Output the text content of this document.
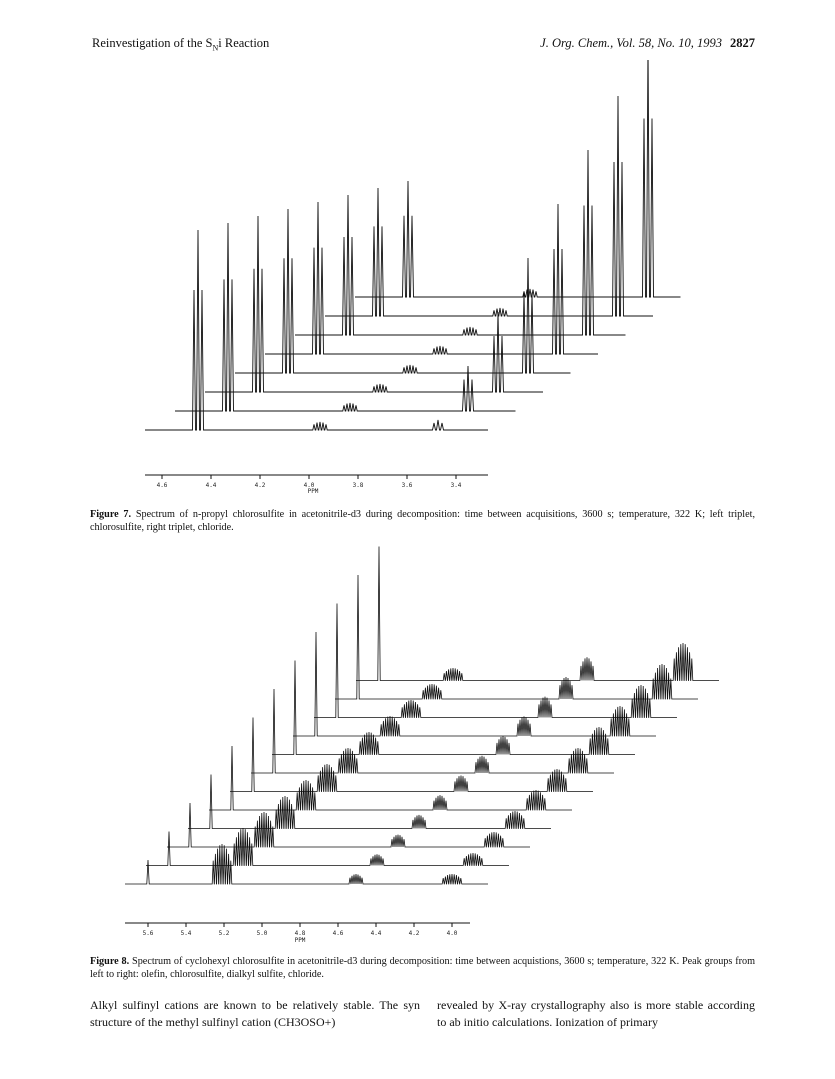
Reinvestigation of the $S_Ni$ Reaction	J. Org. Chem., Vol. 58, No. 10, 1993 2827
4.6	4.4	4.2	4.0	3.8	3.6	3.4
PPM
Figure 7. Spectrum of n-propyl chlorosulfite in acetonitrile-d3 during decomposition: time between acquisitions, 3600 s; temperature, 322 K; left triplet, chlorosulfite, right triplet, chloride.
5.6	5.4	5.2	5.0	4.8	4.6	4.4	4.2	4.0
PPM
Figure 8. Spectrum of cyclohexyl chlorosulfite in acetonitrile-d3 during decomposition: time between acquistions, 3600 s; temperature, 322 K. Peak groups from left to right: olefin, chlorosulfite, dialkyl sulfite, chloride.
Alkyl sulfinyl cations are known to be relatively stable. The syn structure of the methyl sulfinyl cation (CH3OSO+)
revealed by X-ray crystallography also is more stable according to ab initio calculations. Ionization of primary
